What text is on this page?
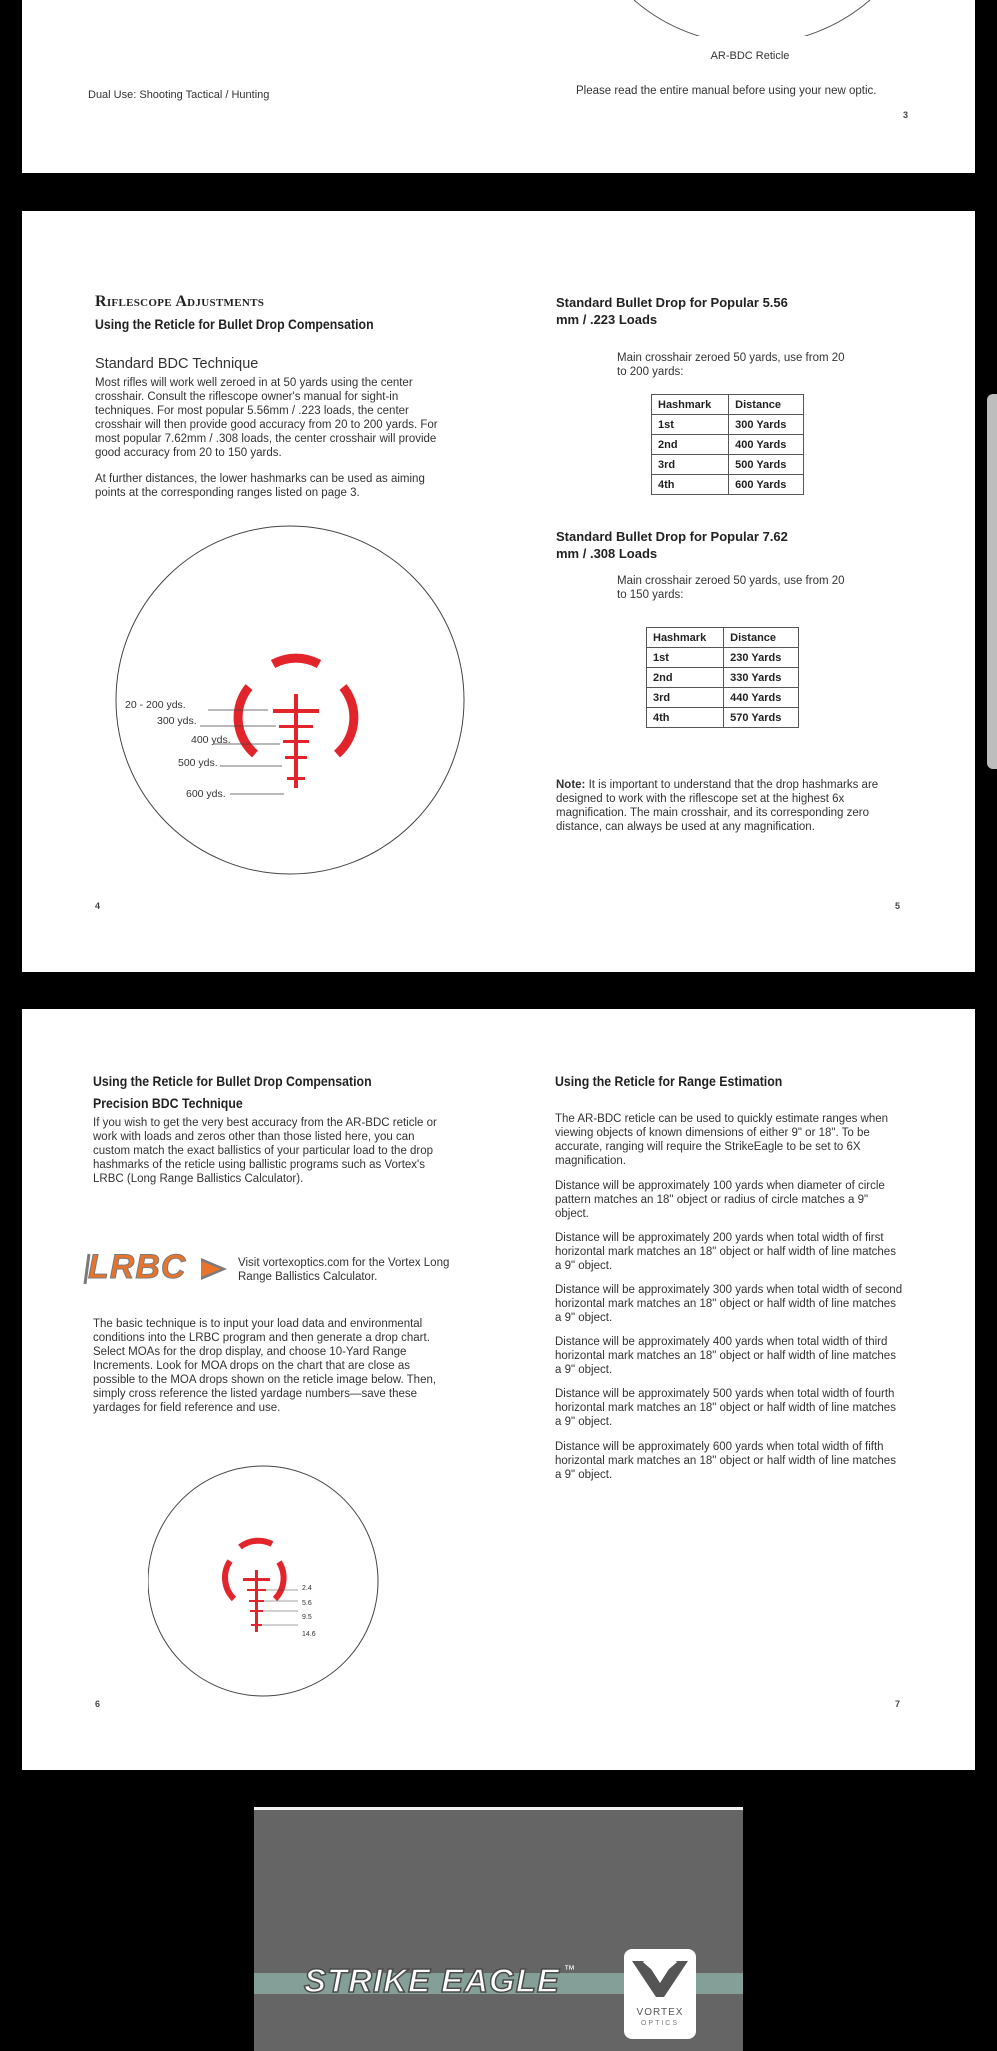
AR-BDC Reticle
Dual Use: Shooting Tactical / Hunting	Please read the entire manual before using your new optic.
3
Riflescope Adjustments
Using the Reticle for Bullet Drop Compensation
Standard BDC Technique
Most rifles will work well zeroed in at 50 yards using the center crosshair. Consult the riflescope owner's manual for sight-in techniques. For most popular 5.56mm / .223 loads, the center crosshair will then provide good accuracy from 20 to 200 yards. For most popular 7.62mm / .308 loads, the center crosshair will provide good accuracy from 20 to 150 yards.
At further distances, the lower hashmarks can be used as aiming points at the corresponding ranges listed on page 3.
20 - 200 yds.
300 yds.
400 yds.
500 yds.
600 yds.
4
Standard Bullet Drop for Popular 5.56 mm / .223 Loads
Main crosshair zeroed 50 yards, use from 20 to 200 yards:
Hashmark	Distance
1st	300 Yards
2nd	400 Yards
3rd	500 Yards
4th	600 Yards
Standard Bullet Drop for Popular 7.62 mm / .308 Loads
Main crosshair zeroed 50 yards, use from 20 to 150 yards:
Hashmark	Distance
1st	230 Yards
2nd	330 Yards
3rd	440 Yards
4th	570 Yards
Note: It is important to understand that the drop hashmarks are designed to work with the riflescope set at the highest 6x magnification. The main crosshair, and its corresponding zero distance, can always be used at any magnification.
5
Using the Reticle for Bullet Drop Compensation
Precision BDC Technique
If you wish to get the very best accuracy from the AR-BDC reticle or work with loads and zeros other than those listed here, you can custom match the exact ballistics of your particular load to the drop hashmarks of the reticle using ballistic programs such as Vortex's LRBC (Long Range Ballistics Calculator).
LRBC	Visit vortexoptics.com for the Vortex Long Range Ballistics Calculator.
The basic technique is to input your load data and environmental conditions into the LRBC program and then generate a drop chart. Select MOAs for the drop display, and choose 10-Yard Range Increments. Look for MOA drops on the chart that are close as possible to the MOA drops shown on the reticle image below. Then, simply cross reference the listed yardage numbers—save these yardages for field reference and use.
2.4
5.6
9.5
14.6
6
Using the Reticle for Range Estimation
The AR-BDC reticle can be used to quickly estimate ranges when viewing objects of known dimensions of either 9" or 18". To be accurate, ranging will require the StrikeEagle to be set to 6X magnification.
Distance will be approximately 100 yards when diameter of circle pattern matches an 18" object or radius of circle matches a 9" object.
Distance will be approximately 200 yards when total width of first horizontal mark matches an 18" object or half width of line matches a 9" object.
Distance will be approximately 300 yards when total width of second horizontal mark matches an 18" object or half width of line matches a 9" object.
Distance will be approximately 400 yards when total width of third horizontal mark matches an 18" object or half width of line matches a 9" object.
Distance will be approximately 500 yards when total width of fourth horizontal mark matches an 18" object or half width of line matches a 9" object.
Distance will be approximately 600 yards when total width of fifth horizontal mark matches an 18" object or half width of line matches a 9" object.
7
STRIKE EAGLE ™
VORTEX
OPTICS
